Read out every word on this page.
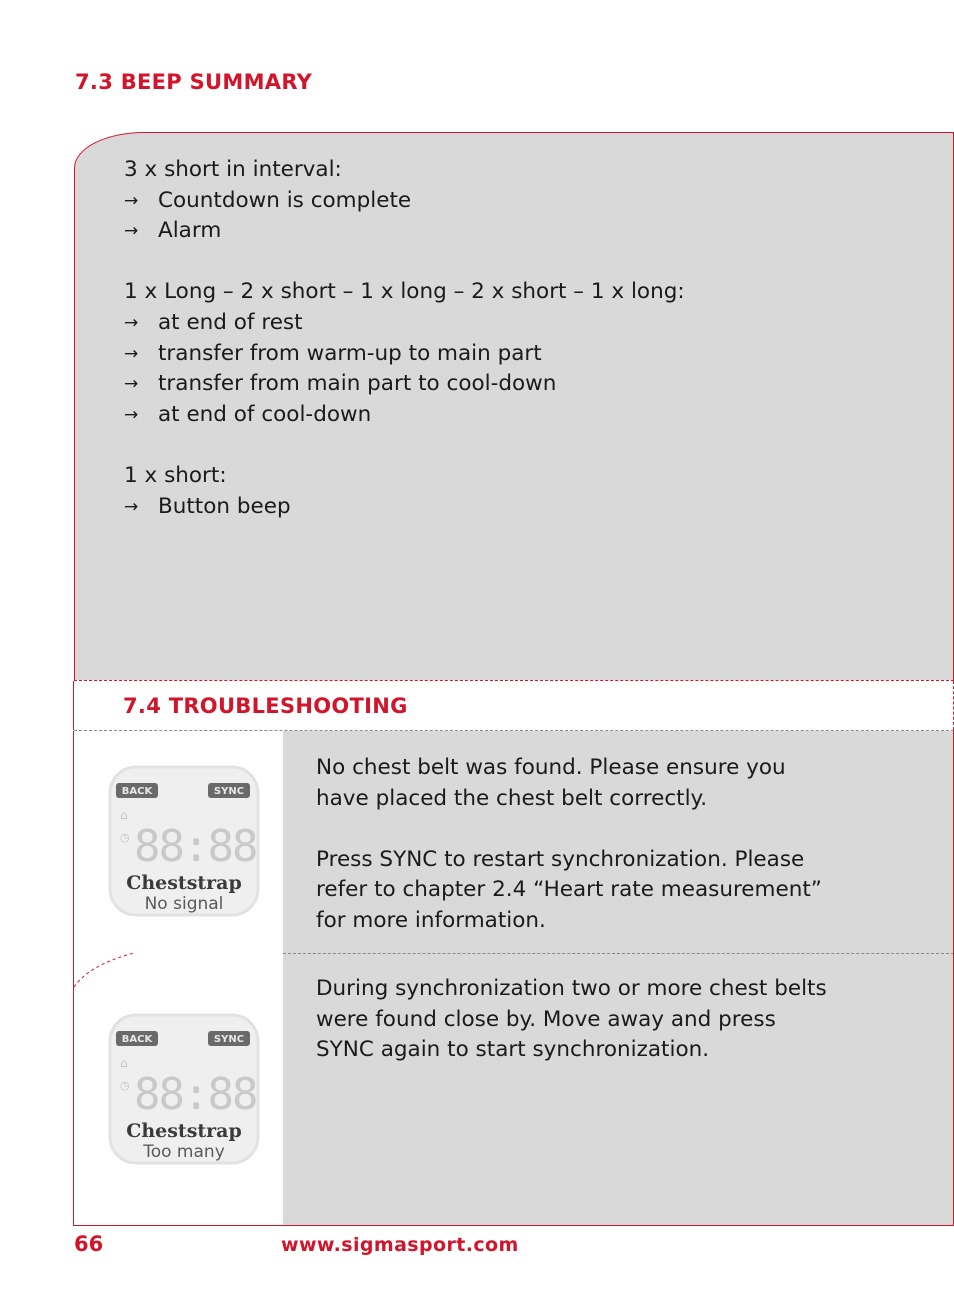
7.3 BEEP SUMMARY
3 x short in interval:
→ Countdown is complete
→ Alarm
1 x Long – 2 x short – 1 x long – 2 x short – 1 x long:
→ at end of rest
→ transfer from warm-up to main part
→ transfer from main part to cool-down
→ at end of cool-down
1 x short:
→ Button beep
7.4 TROUBLESHOOTING
BACK	SYNC
⌂
◷ 88:88
Cheststrap
No signal
BACK	SYNC
⌂
◷ 88:88
Cheststrap
Too many
No chest belt was found. Please ensure you
have placed the chest belt correctly.
Press SYNC to restart synchronization. Please
refer to chapter 2.4 “Heart rate measurement”
for more information.
During synchronization two or more chest belts
were found close by. Move away and press
SYNC again to start synchronization.
66	www.sigmasport.com
